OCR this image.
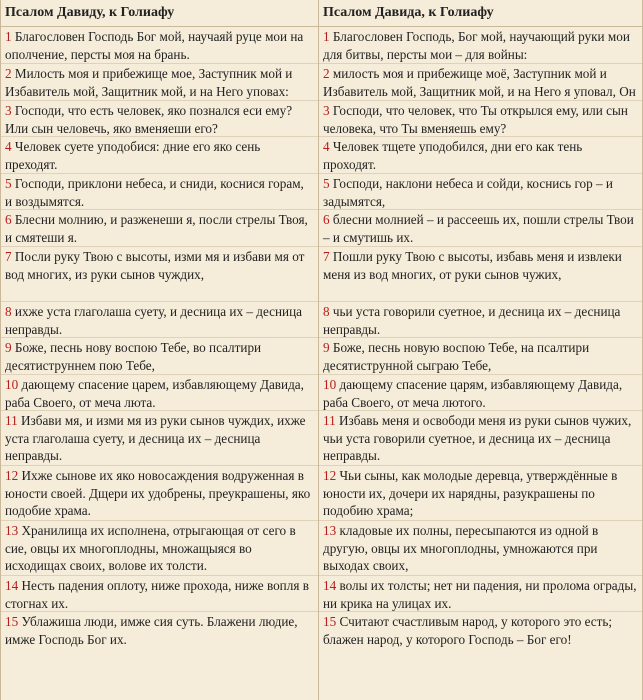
Псалом Давиду, к Голиафу
1 Благословен Господь Бог мой, научаяй руце мои на ополчение, персты моя на брань.
2 Милость моя и прибежище мое, Заступник мой и Избавитель мой, Защитник мой, и на Него уповах:
3 Господи, что есть человек, яко познался еси ему? Или сын человечь, яко вменяеши его?
4 Человек суете уподобися: дние его яко сень преходят.
5 Господи, приклони небеса, и сниди, коснися горам, и воздымятся.
6 Блесни молнию, и разженеши я, посли стрелы Твоя, и смятеши я.
7 Посли руку Твою с высоты, изми мя и избави мя от вод многих, из руки сынов чуждих,
8 ихже уста глаголаша суету, и десница их – десница неправды.
9 Боже, песнь нову воспою Тебе, во псалтири десятиструннем пою Тебе,
10 дающему спасение царем, избавляющему Давида, раба Своего, от меча люта.
11 Избави мя, и изми мя из руки сынов чуждих, ихже уста глаголаша суету, и десница их – десница неправды.
12 Ихже сынове их яко новосаждения водруженная в юности своей. Дщери их удобрены, преукрашены, яко подобие храма.
13 Хранилища их исполнена, отрыгающая от сего в сие, овцы их многоплодны, множащыяся во исходищах своих, волове их толсти.
14 Несть падения оплоту, ниже прохода, ниже вопля в стогнах их.
15 Ублажиша люди, имже сия суть. Блажени людие, имже Господь Бог их.
Псалом Давида, к Голиафу
1 Благословен Господь, Бог мой, научающий руки мои для битвы, персты мои – для войны:
2 милость моя и прибежище моё, Заступник мой и Избавитель мой, Защитник мой, и на Него я уповал, Он
3 Господи, что человек, что Ты открылся ему, или сын человека, что Ты вменяешь ему?
4 Человек тщете уподобился, дни его как тень проходят.
5 Господи, наклони небеса и сойди, коснись гор – и задымятся,
6 блесни молнией – и рассеешь их, пошли стрелы Твои – и смутишь их.
7 Пошли руку Твою с высоты, избавь меня и извлеки меня из вод многих, от руки сынов чужих,
8 чьи уста говорили суетное, и десница их – десница неправды.
9 Боже, песнь новую воспою Тебе, на псалтири десятиструнной сыграю Тебе,
10 дающему спасение царям, избавляющему Давида, раба Своего, от меча лютого.
11 Избавь меня и освободи меня из руки сынов чужих, чьи уста говорили суетное, и десница их – десница неправды.
12 Чьи сыны, как молодые деревца, утверждённые в юности их, дочери их нарядны, разукрашены по подобию храма;
13 кладовые их полны, пересыпаются из одной в другую, овцы их многоплодны, умножаются при выходах своих,
14 волы их толсты; нет ни падения, ни пролома ограды, ни крика на улицах их.
15 Считают счастливым народ, у которого это есть; блажен народ, у которого Господь – Бог его!
